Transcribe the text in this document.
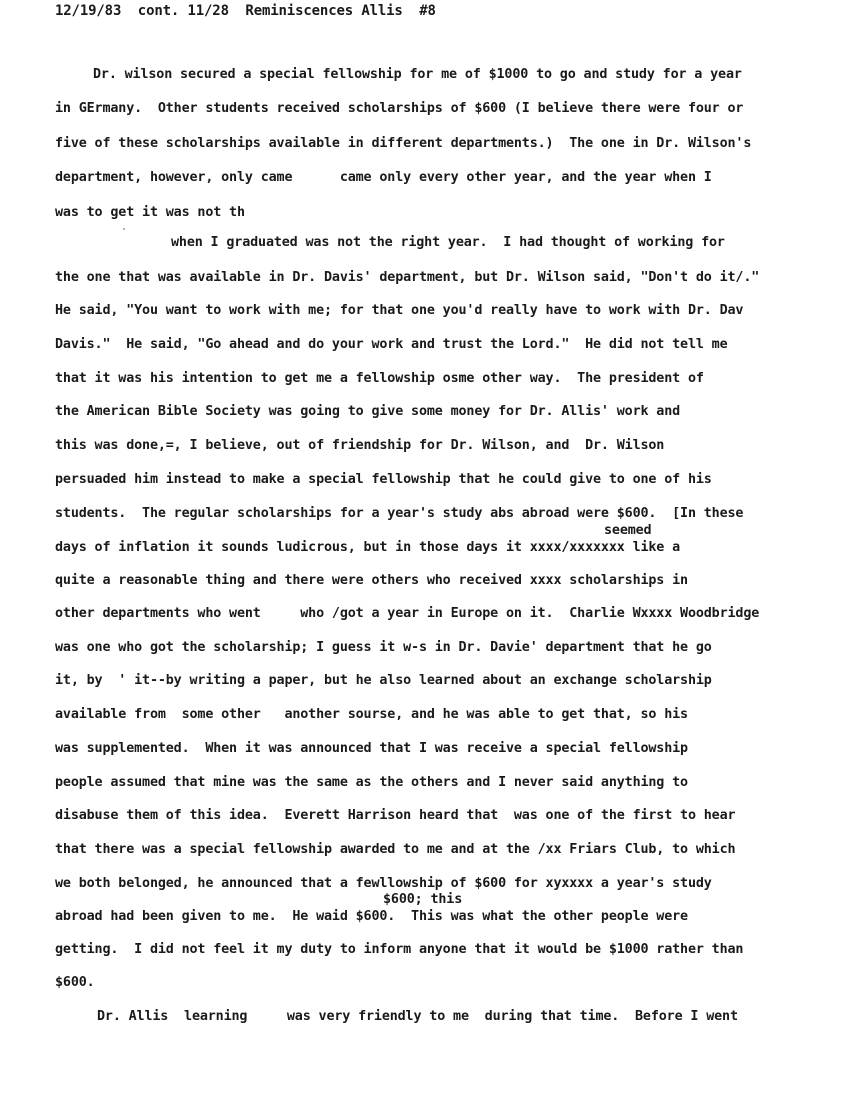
12/19/83  cont. 11/28  Reminiscences Allis  #8
Dr. wilson secured a special fellowship for me of $1000 to go and study for a year
in GErmany.  Other students received scholarships of $600 (I believe there were four or
five of these scholarships available in different departments.)  The one in Dr. Wilson's
department, however, only came      came only every other year, and the year when I
was to get it was not th
when I graduated was not the right year.  I had thought of working for
the one that was available in Dr. Davis' department, but Dr. Wilson said, "Don't do it/."
He said, "You want to work with me; for that one you'd really have to work with Dr. Dav
Davis."  He said, "Go ahead and do your work and trust the Lord."  He did not tell me
that it was his intention to get me a fellowship osme other way.  The president of
the American Bible Society was going to give some money for Dr. Allis' work and
this was done,=, I believe, out of friendship for Dr. Wilson, and  Dr. Wilson
persuaded him instead to make a special fellowship that he could give to one of his
students.  The regular scholarships for a year's study abs abroad were $600.  [In these
seemed
days of inflation it sounds ludicrous, but in those days it xxxx/xxxxxxx like a
quite a reasonable thing and there were others who received xxxx scholarships in
other departments who went     who /got a year in Europe on it.  Charlie Wxxxx Woodbridge
was one who got the scholarship; I guess it w-s in Dr. Davie' department that he go
it, by  ' it--by writing a paper, but he also learned about an exchange scholarship
available from  some other   another sourse, and he was able to get that, so his
was supplemented.  When it was announced that I was receive a special fellowship
people assumed that mine was the same as the others and I never said anything to
disabuse them of this idea.  Everett Harrison heard that  was one of the first to hear
that there was a special fellowship awarded to me and at the /xx Friars Club, to which
we both belonged, he announced that a fewllowship of $600 for xyxxxx a year's study
$600; this
abroad had been given to me.  He waid $600.  This was what the other people were
getting.  I did not feel it my duty to inform anyone that it would be $1000 rather than
$600.
Dr. Allis  learning     was very friendly to me  during that time.  Before I went
